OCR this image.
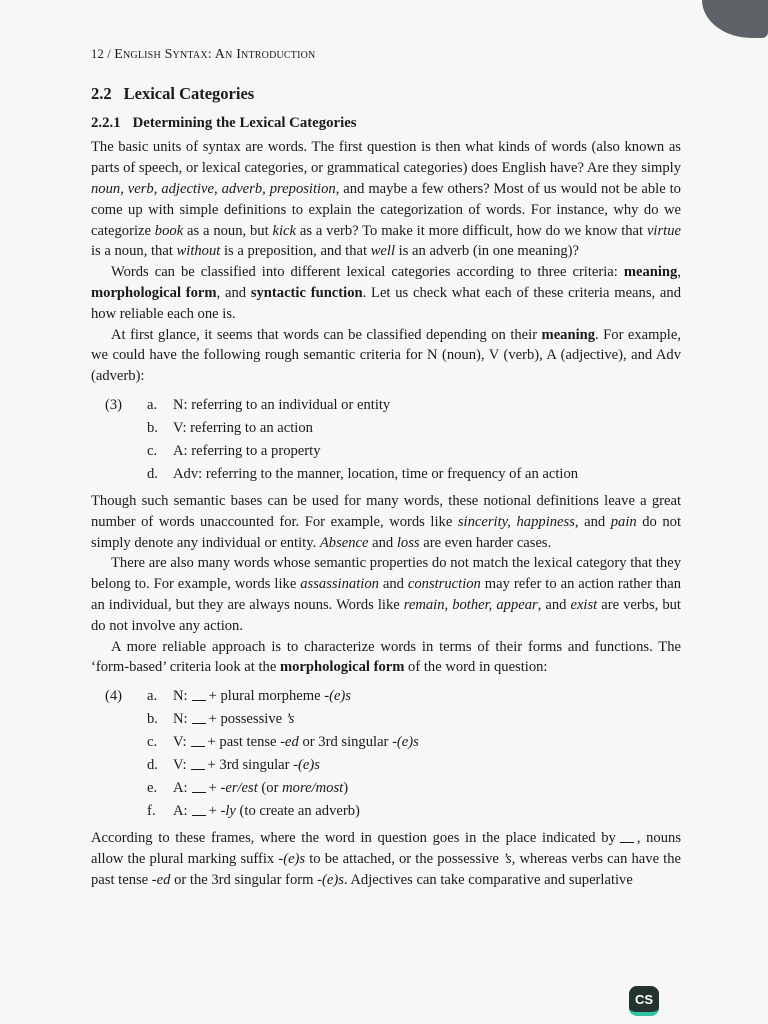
12 / English Syntax: An Introduction
2.2 Lexical Categories
2.2.1 Determining the Lexical Categories

The basic units of syntax are words. The first question is then what kinds of words (also known as parts of speech, or lexical categories, or grammatical categories) does English have? Are they simply noun, verb, adjective, adverb, preposition, and maybe a few others? Most of us would not be able to come up with simple definitions to explain the categorization of words. For instance, why do we categorize book as a noun, but kick as a verb? To make it more difficult, how do we know that virtue is a noun, that without is a preposition, and that well is an adverb (in one meaning)?

Words can be classified into different lexical categories according to three criteria: meaning, morphological form, and syntactic function. Let us check what each of these criteria means, and how reliable each one is.

At first glance, it seems that words can be classified depending on their meaning. For example, we could have the following rough semantic criteria for N (noun), V (verb), A (adjective), and Adv (adverb):

(3)	a.	N: referring to an individual or entity
b.	V: referring to an action
c.	A: referring to a property
d.	Adv: referring to the manner, location, time or frequency of an action

Though such semantic bases can be used for many words, these notional definitions leave a great number of words unaccounted for. For example, words like sincerity, happiness, and pain do not simply denote any individual or entity. Absence and loss are even harder cases.

There are also many words whose semantic properties do not match the lexical category that they belong to. For example, words like assassination and construction may refer to an action rather than an individual, but they are always nouns. Words like remain, bother, appear, and exist are verbs, but do not involve any action.

A more reliable approach is to characterize words in terms of their forms and functions. The ‘form-based’ criteria look at the morphological form of the word in question:

(4)	a.	N: + plural morpheme -(e)s
b.	N: + possessive ’s
c.	V: + past tense -ed or 3rd singular -(e)s
d.	V: + 3rd singular -(e)s
e.	A: + -er/est (or more/most)
f.	A: + -ly (to create an adverb)

According to these frames, where the word in question goes in the place indicated by , nouns allow the plural marking suffix -(e)s to be attached, or the possessive ’s, whereas verbs can have the past tense -ed or the 3rd singular form -(e)s. Adjectives can take comparative and superlative

CS
